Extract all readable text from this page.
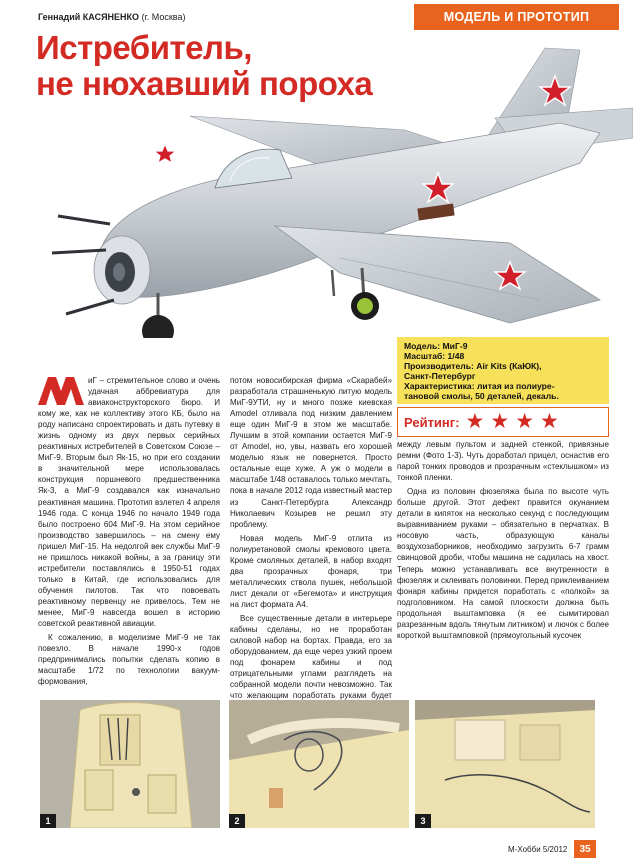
Геннадий КАСЯНЕНКО (г. Москва)	МОДЕЛЬ И ПРОТОТИП
Истребитель,
не нюхавший пороха
Модель: МиГ-9
Масштаб: 1/48
Производитель: Air Kits (КаЮК),
Санкт-Петербург
Характеристика: литая из полиуре-
тановой смолы, 50 деталей, декаль.
Рейтинг: ★ ★ ★ ★

иГ – стремительное слово и очень удачная аббревиатура для авиаконструкторского бюро. И кому же, как не коллективу этого КБ, было на роду написано спроектировать и дать путевку в жизнь одному из двух первых серийных реактивных истребителей в Советском Союзе – МиГ-9. Вторым был Як-15, но при его создании в значительной мере использовалась конструкция поршневого предшественника Як-3, а МиГ-9 создавался как изначально реактивная машина. Прототип взлетел 4 апреля 1946 года. С конца 1946 по начало 1949 года было построено 604 МиГ-9. На этом серийное производство завершилось – на смену ему пришел МиГ-15. На недолгой век службы МиГ-9 не пришлось никакой войны, а за границу эти истребители поставлялись в 1950-51 годах только в Китай, где использовались для обучения пилотов. Так что повоевать реактивному первенцу не привелось. Тем не менее, МиГ-9 навсегда вошел в историю советской реактивной авиации.

К сожалению, в моделизме МиГ-9 не так повезло. В начале 1990-х годов предпринимались попытки сделать копию в масштабе 1/72 по технологии вакуум-формования,

потом новосибирская фирма «Скарабей» разработала страшненькую литую модель МиГ-9УТИ, ну и много позже киевская Amodel отливала под низким давлением еще один МиГ-9 в этом же масштабе. Лучшим в этой компании остается МиГ-9 от Amodel, но, увы, назвать его хорошей моделью язык не повернется. Просто остальные еще хуже. А уж о модели в масштабе 1/48 оставалось только мечтать, пока в начале 2012 года известный мастер из Санкт-Петербурга Александр Николаевич Козырев не решил эту проблему.

Новая модель МиГ-9 отлита из полиуретановой смолы кремового цвета. Кроме смоляных деталей, в набор входят два прозрачных фонаря, три металлических ствола пушек, небольшой лист декали от «Бегемота» и инструкция на лист формата А4.

Все существенные детали в интерьере кабины сделаны, но не проработан силовой набор на бортах. Правда, его за оборудованием, да еще через узкий проем под фонарем кабины и под отрицательными углами разглядеть на собранной модели почти невозможно. Так что желающим поработать руками будет

между левым пультом и задней стенкой, привязные ремни (Фото 1-3). Чуть доработал прицел, оснастив его парой тонких проводов и прозрачным «стеклышком» из тонкой пленки.

Одна из половин фюзеляжа была по высоте чуть больше другой. Этот дефект правится окунанием детали в кипяток на несколько секунд с последующим выравниванием руками – обязательно в перчатках. В носовую часть, образующую каналы воздухозаборников, необходимо загрузить 6-7 грамм свинцовой дроби, чтобы машина не садилась на хвост. Теперь можно устанавливать все внутренности в фюзеляж и склеивать половинки. Перед приклеиванием фонаря кабины придется поработать с «полкой» за подголовником. На самой плоскости должна быть продольная выштамповка (я ее сымитировал разрезанным вдоль тянутым литником) и лючок с более короткой выштамповкой (прямоугольный кусочек

1	2	3
М-Хобби 5/2012	35
